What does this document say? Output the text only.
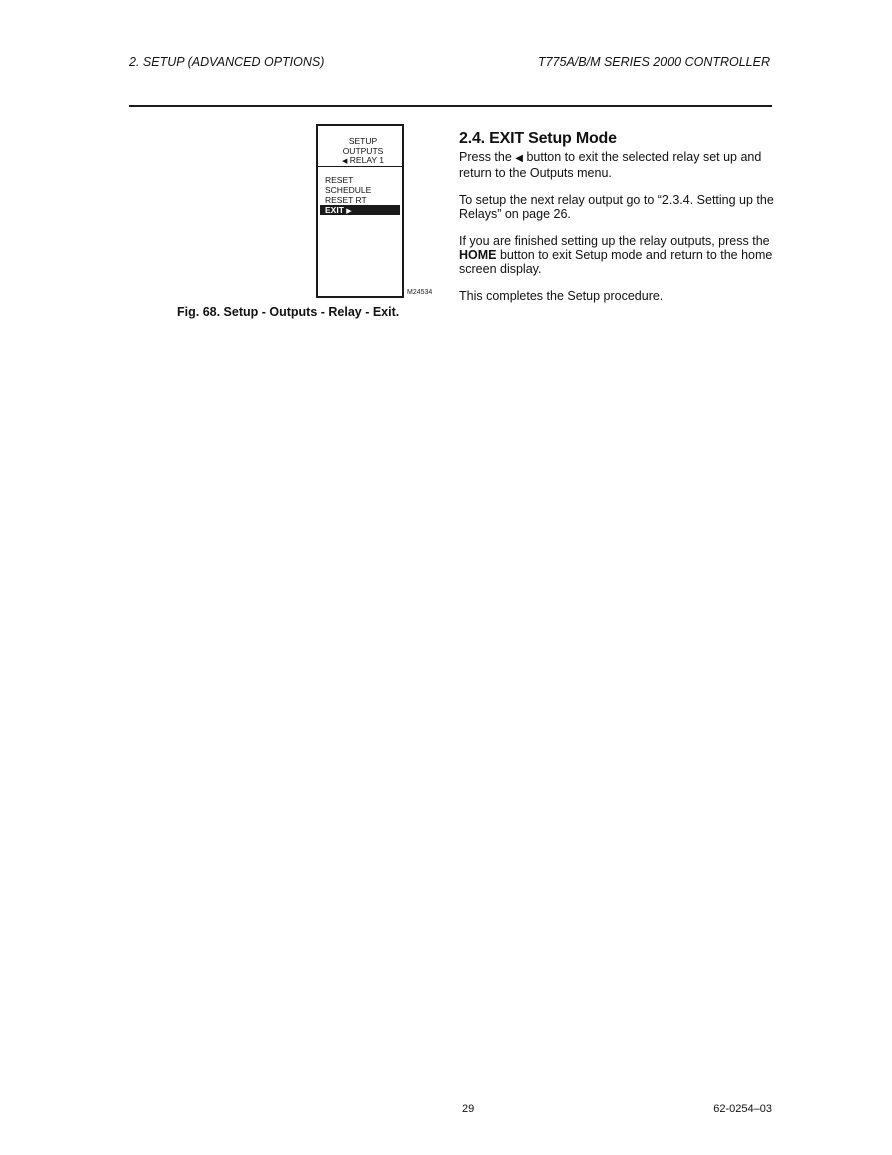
2. SETUP (ADVANCED OPTIONS)	T775A/B/M SERIES 2000 CONTROLLER
SETUP
OUTPUTS
◀ RELAY 1
RESET
SCHEDULE
RESET RT
EXIT ▶
M24534
Fig. 68. Setup - Outputs - Relay - Exit.
2.4. EXIT Setup Mode

Press the ◀ button to exit the selected relay set up and return to the Outputs menu.

To setup the next relay output go to “2.3.4. Setting up the Relays” on page 26.

If you are finished setting up the relay outputs, press the HOME button to exit Setup mode and return to the home screen display.

This completes the Setup procedure.

29	62-0254–03
